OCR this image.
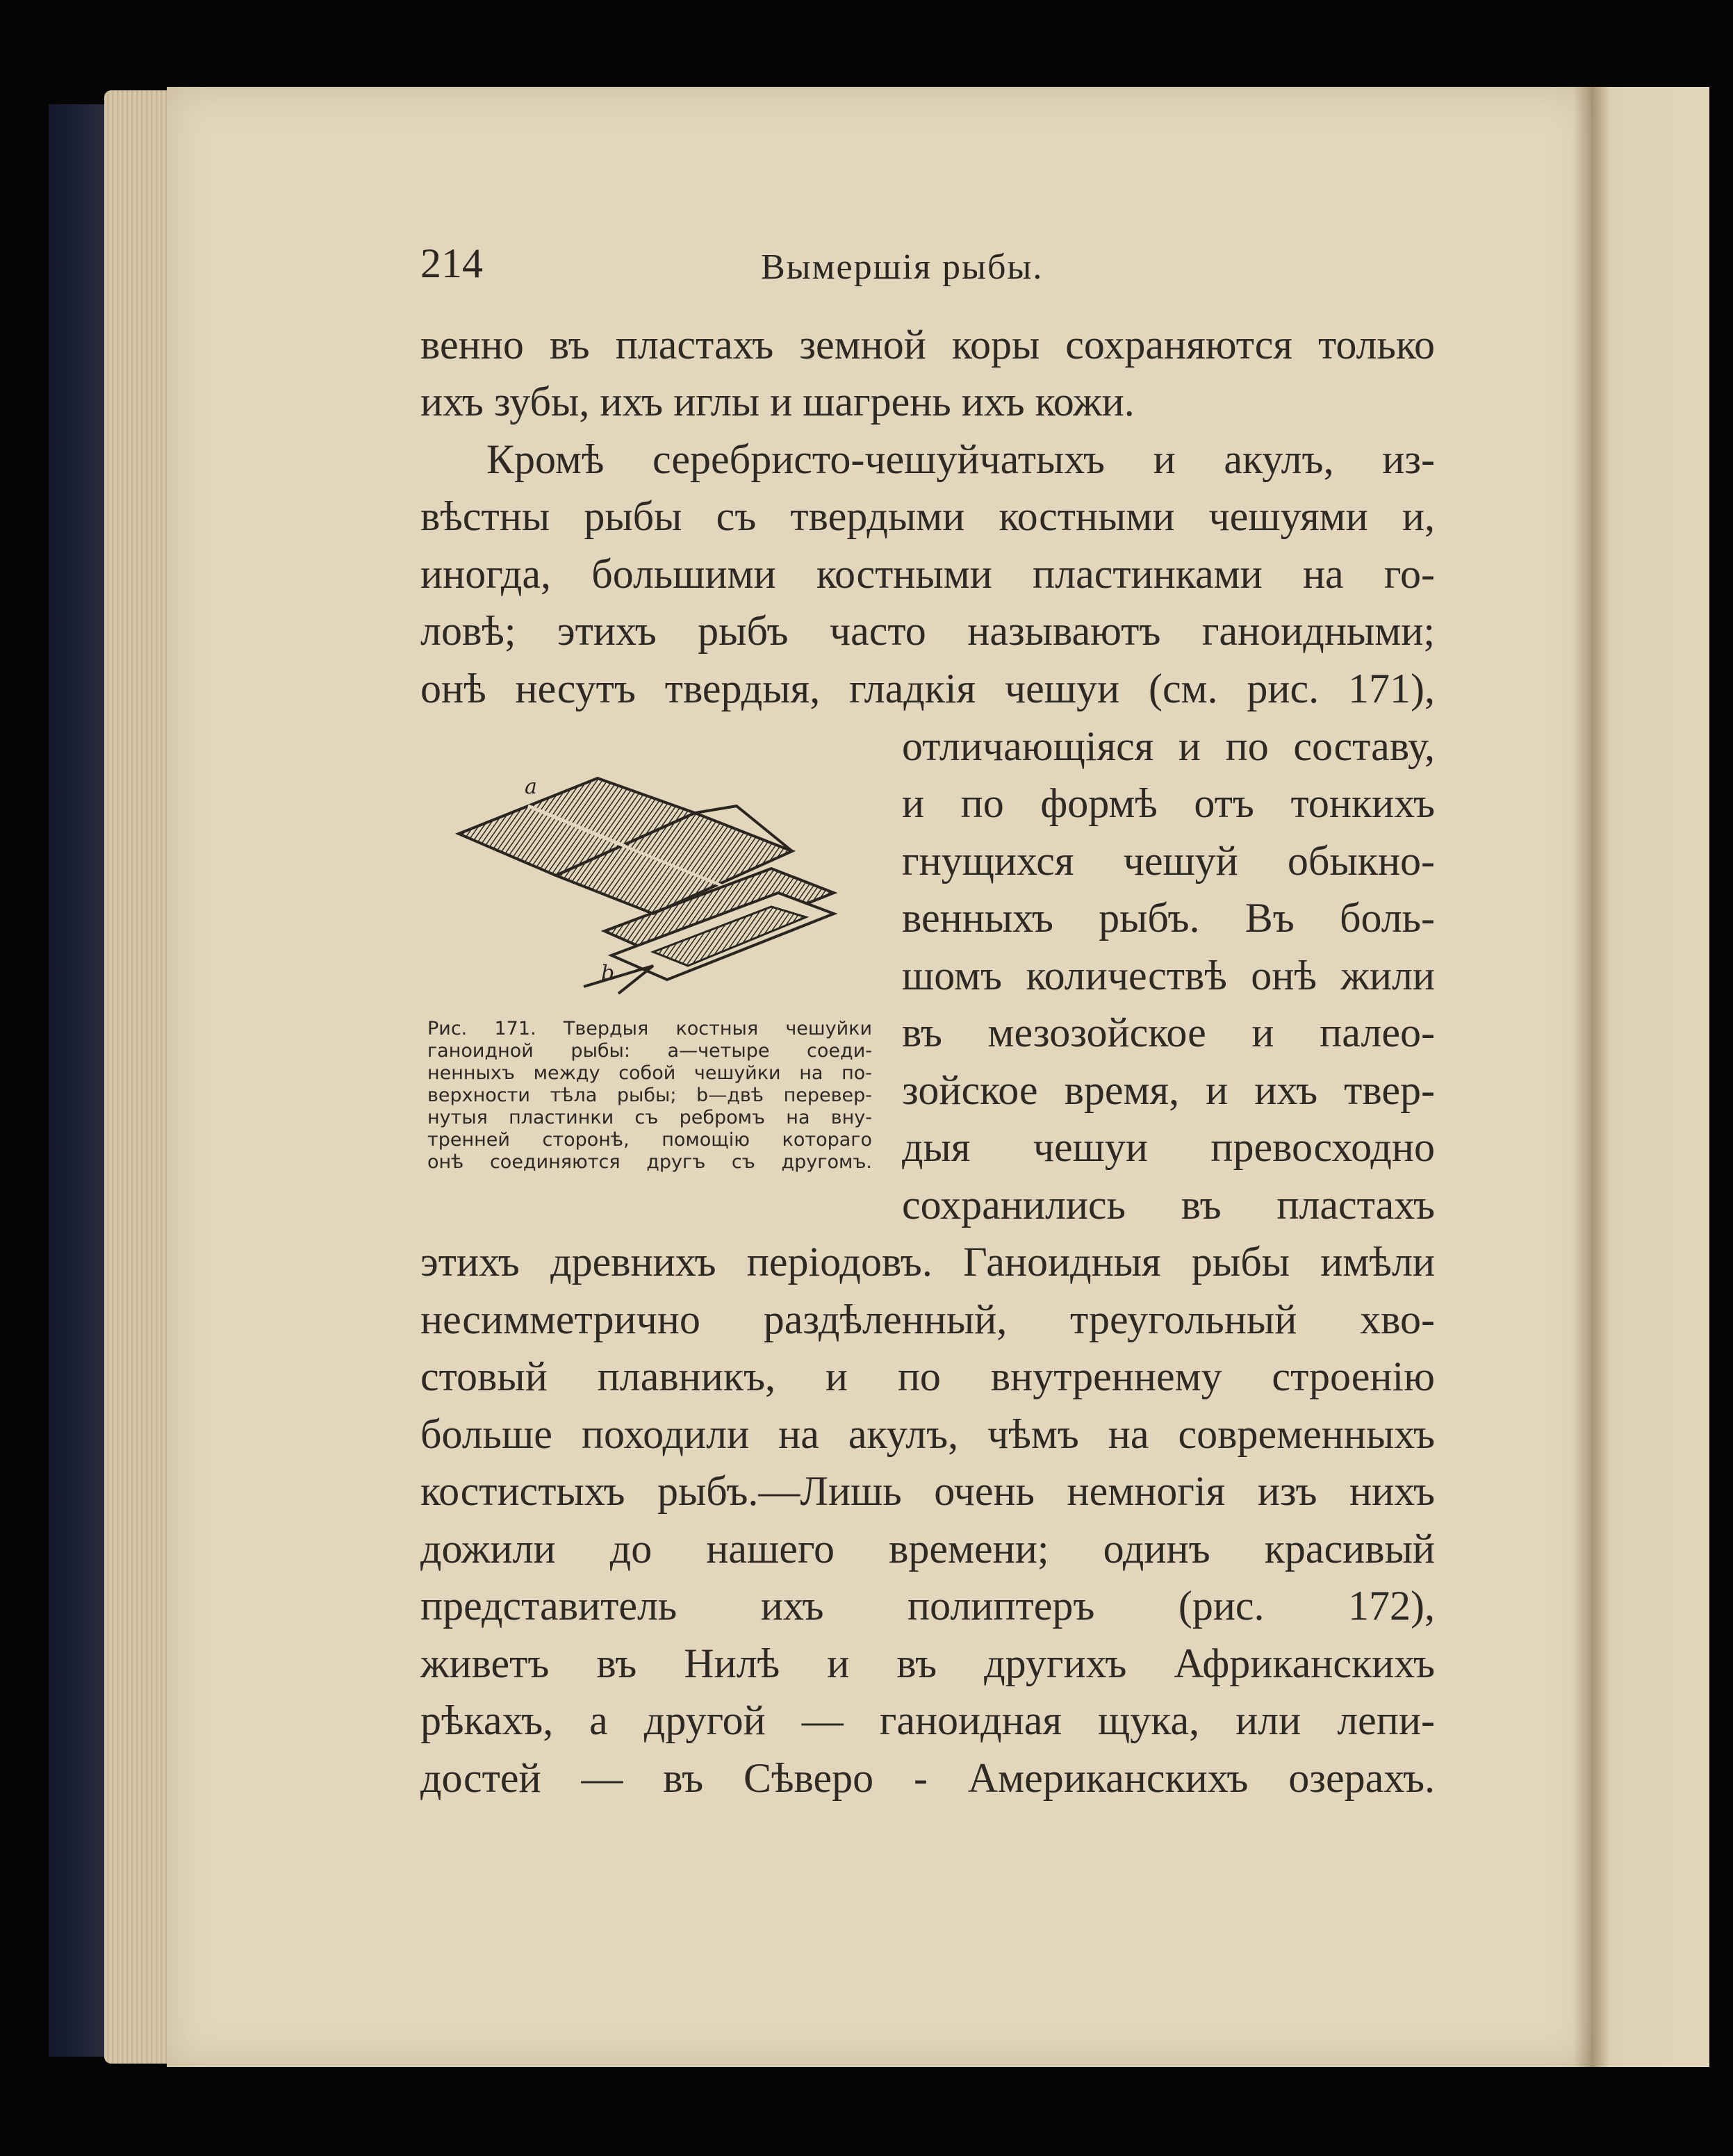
214	Вымершія рыбы.

венно въ пластахъ земной коры сохраняются только

ихъ зубы, ихъ иглы и шагрень ихъ кожи.

Кромѣ серебристо-чешуйчатыхъ и акулъ, из-

вѣстны рыбы съ твердыми костными чешуями и,

иногда, большими костными пластинками на го-

ловѣ; этихъ рыбъ часто называютъ ганоидными;

онѣ несутъ твердыя, гладкія чешуи (см. рис. 171),

отличающіяся и по составу,

и по формѣ отъ тонкихъ

гнущихся чешуй обыкно-

венныхъ рыбъ. Въ боль-

шомъ количествѣ онѣ жили

въ мезозойское и палео-

зойское время, и ихъ твер-

дыя чешуи превосходно

сохранились въ пластахъ

этихъ древнихъ періодовъ. Ганоидныя рыбы имѣли

несимметрично раздѣленный, треугольный хво-

стовый плавникъ, и по внутреннему строенію

больше походили на акулъ, чѣмъ на современныхъ

костистыхъ рыбъ.—Лишь очень немногія изъ нихъ

дожили до нашего времени; одинъ красивый

представитель ихъ полиптеръ (рис. 172),

живетъ въ Нилѣ и въ другихъ Африканскихъ

рѣкахъ, а другой — ганоидная щука, или лепи-

достей — въ Сѣверо - Американскихъ озерахъ.

a
b

Рис. 171. Твердыя костныя чешуйки

ганоидной рыбы: a—четыре соеди-

ненныхъ между собой чешуйки на по-

верхности тѣла рыбы; b—двѣ перевер-

нутыя пластинки съ ребромъ на вну-

тренней сторонѣ, помощію котораго

онѣ соединяются другъ съ другомъ.
